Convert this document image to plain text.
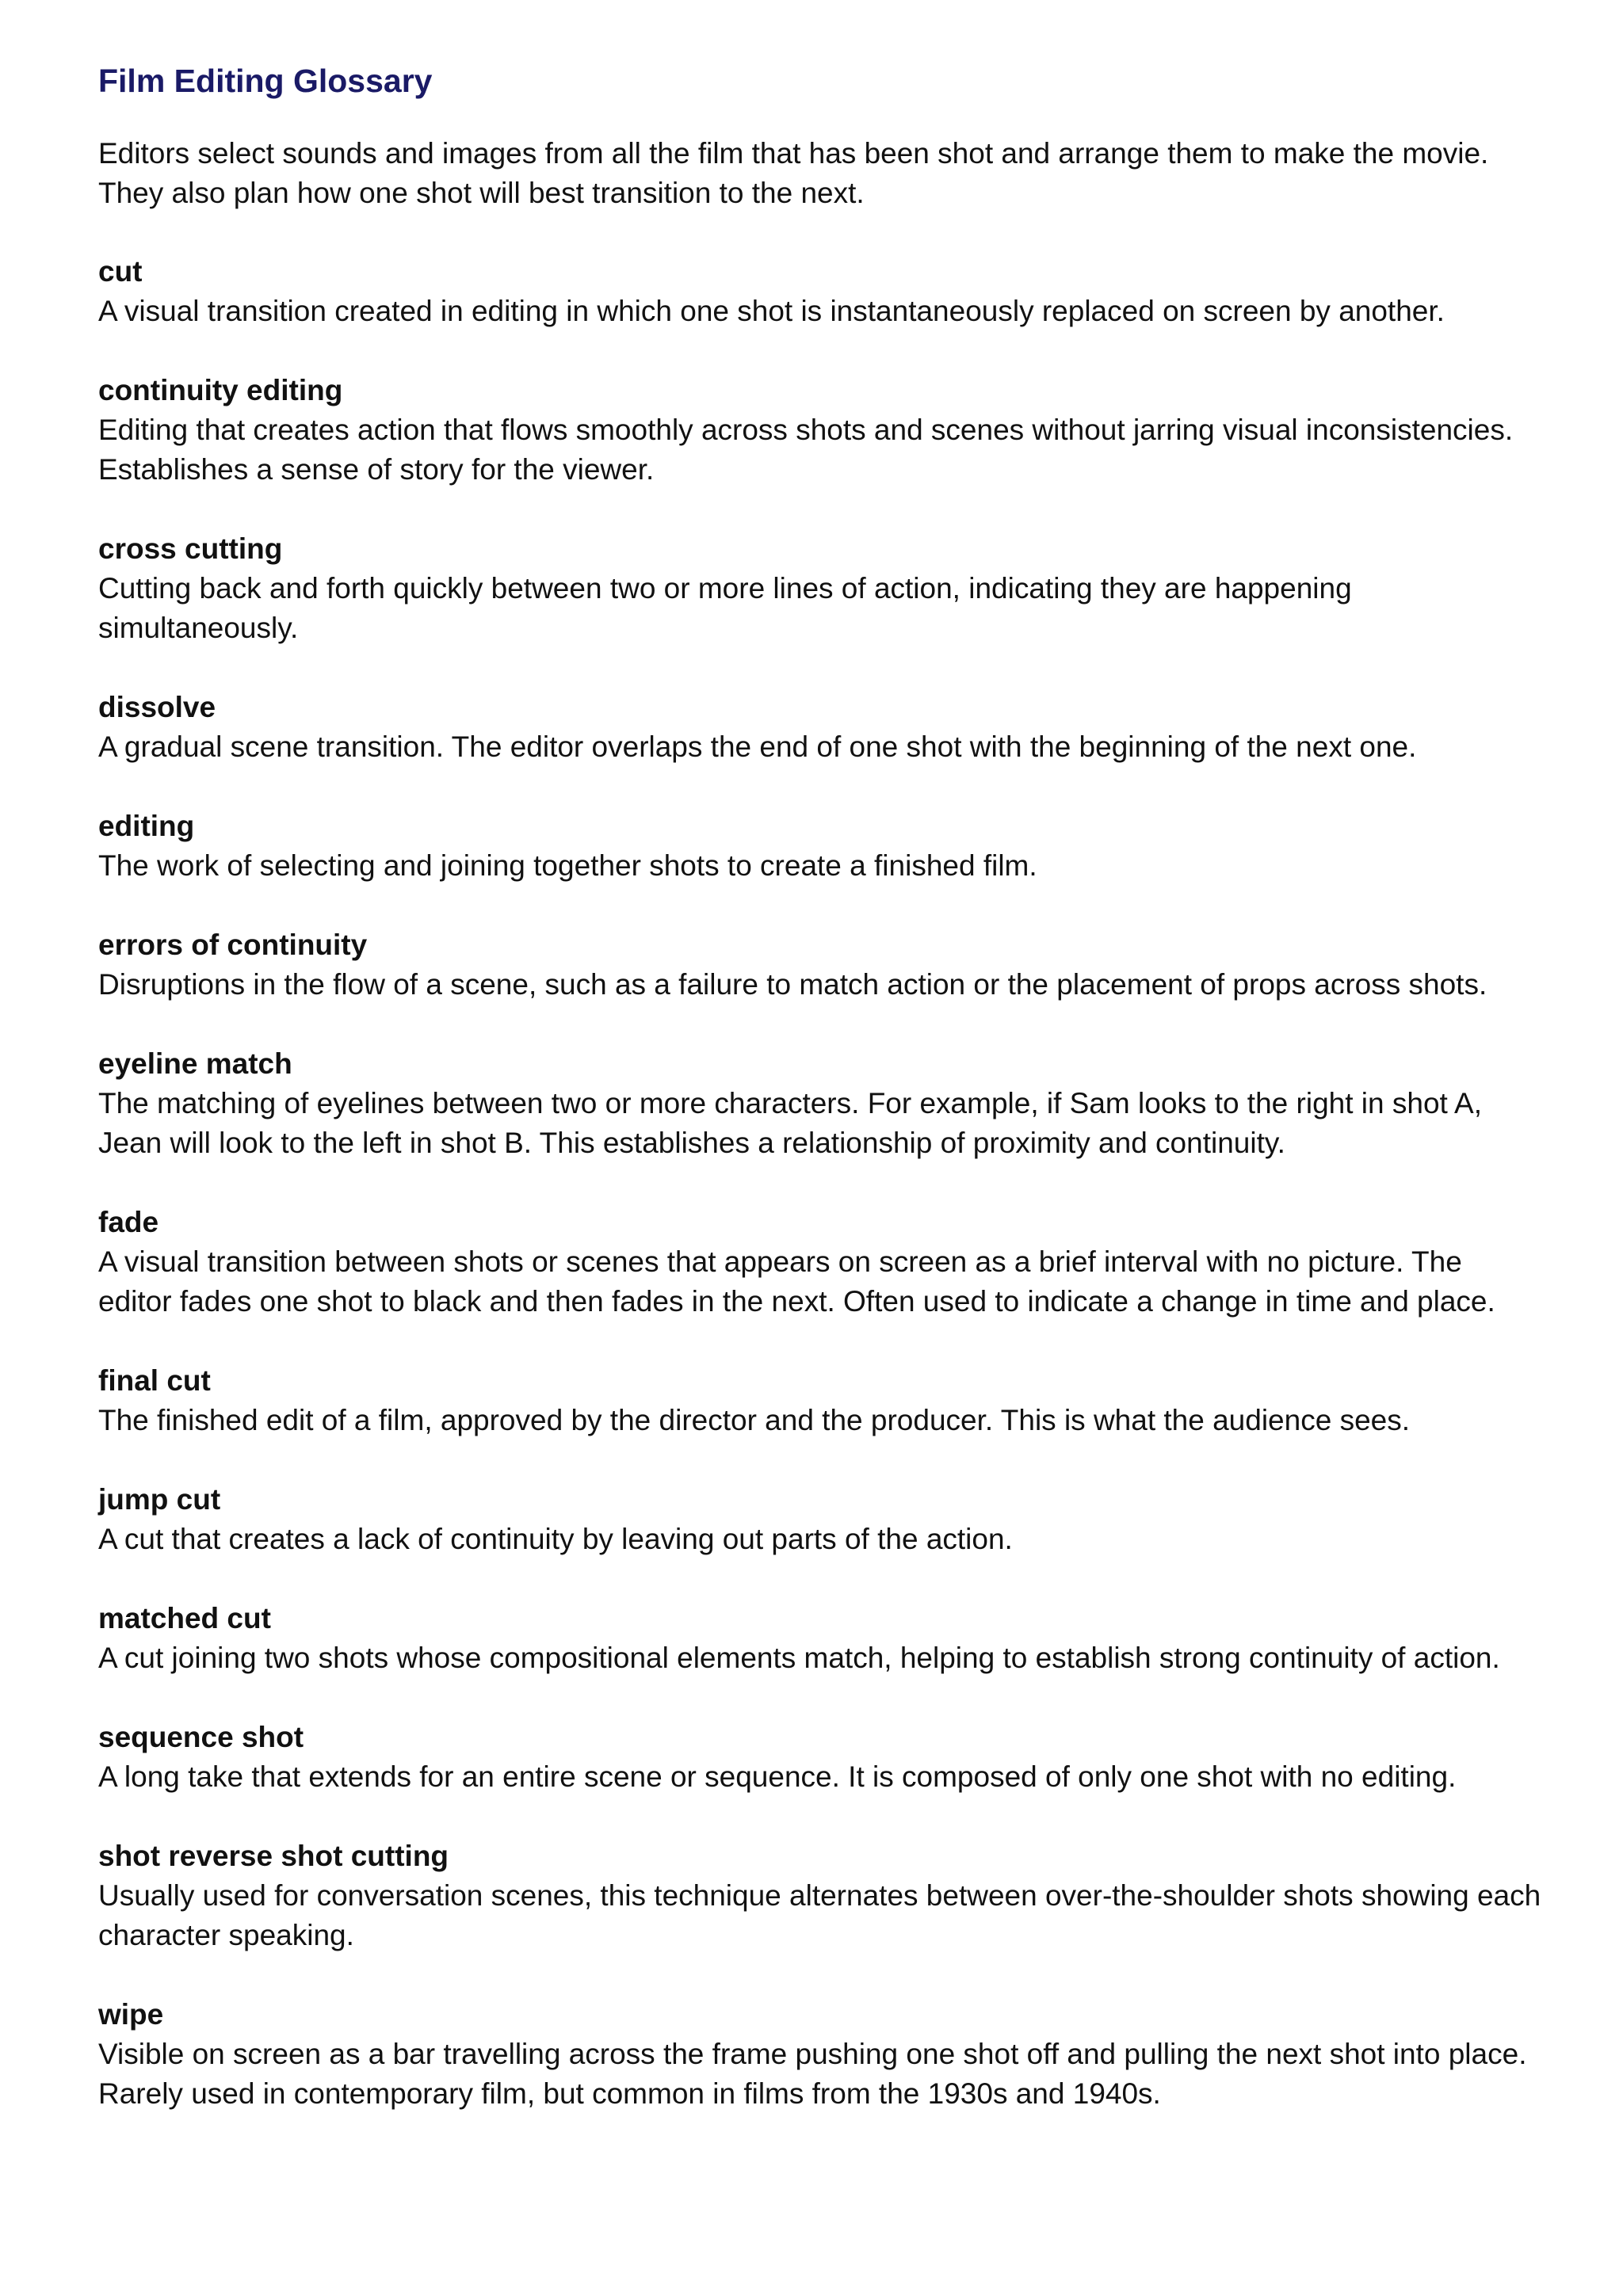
Film Editing Glossary

Editors select sounds and images from all the film that has been shot and arrange them to make the movie.
They also plan how one shot will best transition to the next.

cut
A visual transition created in editing in which one shot is instantaneously replaced on screen by another.
continuity editing
Editing that creates action that flows smoothly across shots and scenes without jarring visual inconsistencies.
Establishes a sense of story for the viewer.
cross cutting
Cutting back and forth quickly between two or more lines of action, indicating they are happening
simultaneously.
dissolve
A gradual scene transition. The editor overlaps the end of one shot with the beginning of the next one.
editing
The work of selecting and joining together shots to create a finished film.
errors of continuity
Disruptions in the flow of a scene, such as a failure to match action or the placement of props across shots.
eyeline match
The matching of eyelines between two or more characters. For example, if Sam looks to the right in shot A,
Jean will look to the left in shot B. This establishes a relationship of proximity and continuity.
fade
A visual transition between shots or scenes that appears on screen as a brief interval with no picture. The
editor fades one shot to black and then fades in the next. Often used to indicate a change in time and place.
final cut
The finished edit of a film, approved by the director and the producer. This is what the audience sees.
jump cut
A cut that creates a lack of continuity by leaving out parts of the action.
matched cut
A cut joining two shots whose compositional elements match, helping to establish strong continuity of action.
sequence shot
A long take that extends for an entire scene or sequence. It is composed of only one shot with no editing.
shot reverse shot cutting
Usually used for conversation scenes, this technique alternates between over-the-shoulder shots showing each
character speaking.
wipe
Visible on screen as a bar travelling across the frame pushing one shot off and pulling the next shot into place.
Rarely used in contemporary film, but common in films from the 1930s and 1940s.
